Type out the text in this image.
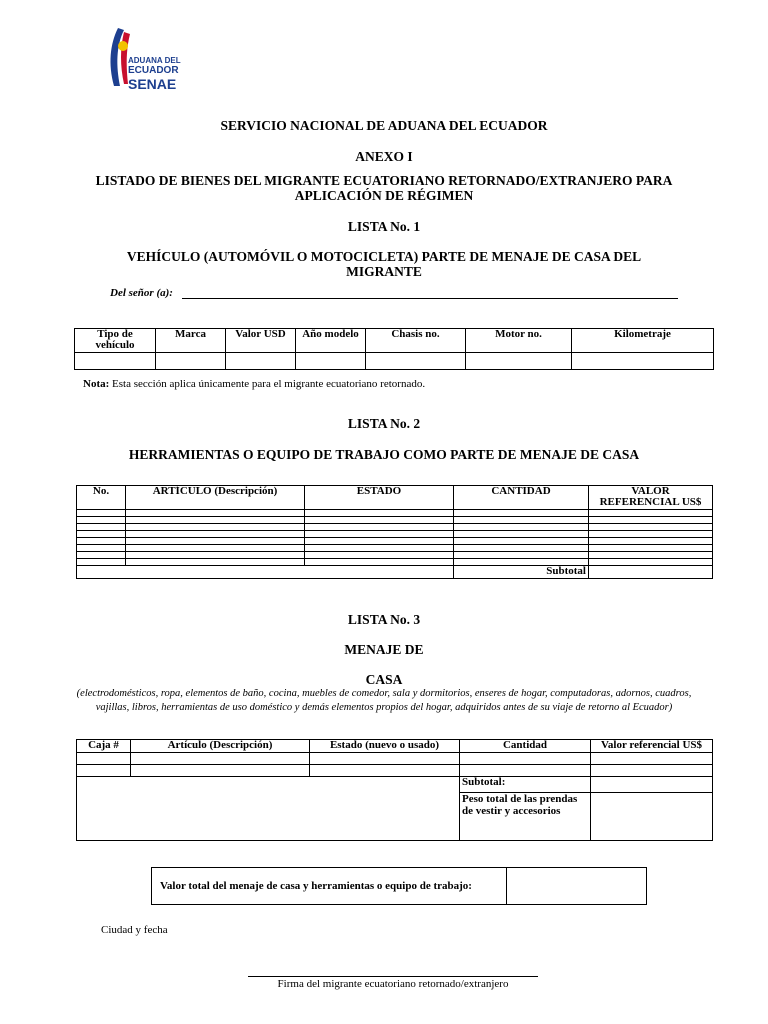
ADUANA DEL
ECUADOR
SENAE
SERVICIO NACIONAL DE ADUANA DEL ECUADOR
ANEXO I
LISTADO DE BIENES DEL MIGRANTE ECUATORIANO RETORNADO/EXTRANJERO PARA
APLICACIÓN DE RÉGIMEN
LISTA No. 1
VEHÍCULO (AUTOMÓVIL O MOTOCICLETA) PARTE DE MENAJE DE CASA DEL
MIGRANTE
Del señor (a):
Tipo de vehículo	Marca	Valor USD	Año modelo	Chasis no.	Motor no.	Kilometraje

Nota: Esta sección aplica únicamente para el migrante ecuatoriano retornado.
LISTA No. 2
HERRAMIENTAS O EQUIPO DE TRABAJO COMO PARTE DE MENAJE DE CASA
No.	ARTÍCULO (Descripción)	ESTADO	CANTIDAD	VALOR REFERENCIAL US$

			Subtotal	
LISTA No. 3
MENAJE DE
CASA
(electrodomésticos, ropa, elementos de baño, cocina, muebles de comedor, sala y dormitorios, enseres de hogar, computadoras, adornos, cuadros,
vajillas, libros, herramientas de uso doméstico y demás elementos propios del hogar, adquiridos antes de su viaje de retorno al Ecuador)
Caja #	Artículo (Descripción)	Estado (nuevo o usado)	Cantidad	Valor referencial US$

			Subtotal:	
			Peso total de las prendas de vestir y accesorios	
Valor total del menaje de casa y herramientas o equipo de trabajo:	
Ciudad y fecha
Firma del migrante ecuatoriano retornado/extranjero
